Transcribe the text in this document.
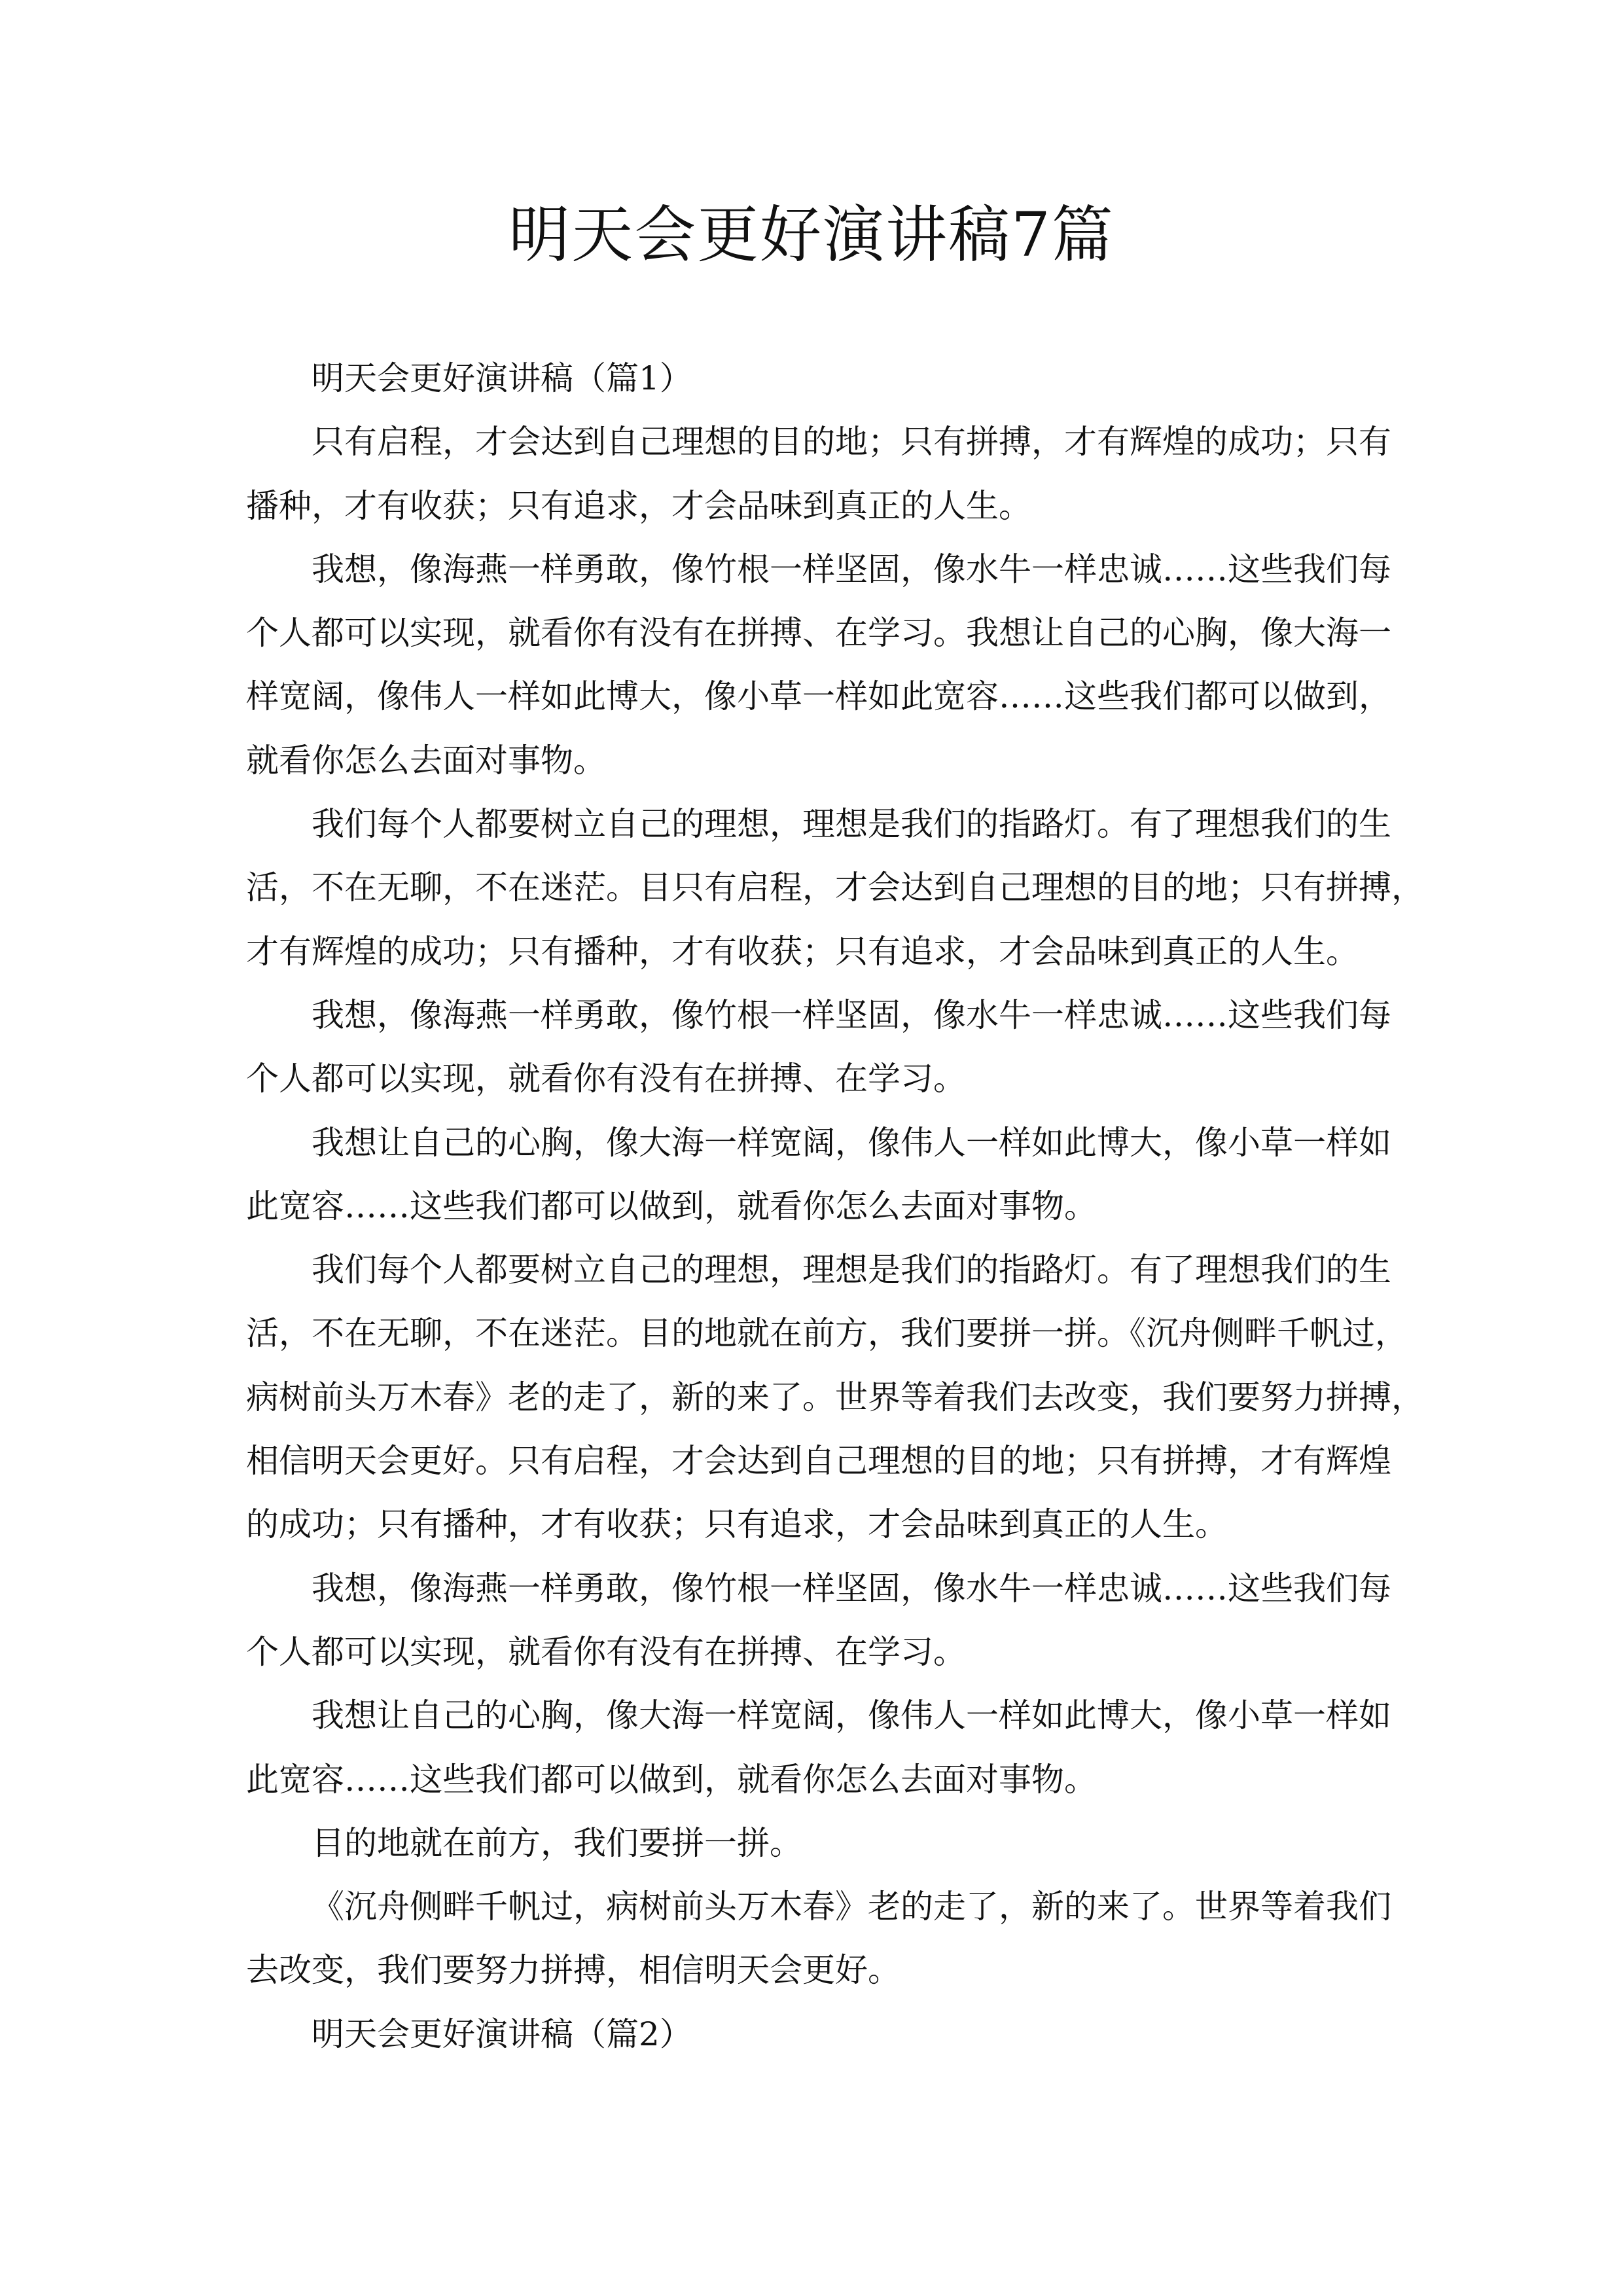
明天会更好演讲稿7篇
明天会更好演讲稿（篇1）
只有启程，才会达到自己理想的目的地；只有拼搏，才有辉煌的成功；只有
播种，才有收获；只有追求，才会品味到真正的人生。
我想，像海燕一样勇敢，像竹根一样坚固，像水牛一样忠诚……这些我们每
个人都可以实现，就看你有没有在拼搏、在学习。我想让自己的心胸，像大海一
样宽阔，像伟人一样如此博大，像小草一样如此宽容……这些我们都可以做到，
就看你怎么去面对事物。
我们每个人都要树立自己的理想，理想是我们的指路灯。有了理想我们的生
活，不在无聊，不在迷茫。目只有启程，才会达到自己理想的目的地；只有拼搏，
才有辉煌的成功；只有播种，才有收获；只有追求，才会品味到真正的人生。
我想，像海燕一样勇敢，像竹根一样坚固，像水牛一样忠诚……这些我们每
个人都可以实现，就看你有没有在拼搏、在学习。
我想让自己的心胸，像大海一样宽阔，像伟人一样如此博大，像小草一样如
此宽容……这些我们都可以做到，就看你怎么去面对事物。
我们每个人都要树立自己的理想，理想是我们的指路灯。有了理想我们的生
活，不在无聊，不在迷茫。目的地就在前方，我们要拼一拼。《沉舟侧畔千帆过，
病树前头万木春》老的走了，新的来了。世界等着我们去改变，我们要努力拼搏，
相信明天会更好。只有启程，才会达到自己理想的目的地；只有拼搏，才有辉煌
的成功；只有播种，才有收获；只有追求，才会品味到真正的人生。
我想，像海燕一样勇敢，像竹根一样坚固，像水牛一样忠诚……这些我们每
个人都可以实现，就看你有没有在拼搏、在学习。
我想让自己的心胸，像大海一样宽阔，像伟人一样如此博大，像小草一样如
此宽容……这些我们都可以做到，就看你怎么去面对事物。
目的地就在前方，我们要拼一拼。
《沉舟侧畔千帆过，病树前头万木春》老的走了，新的来了。世界等着我们
去改变，我们要努力拼搏，相信明天会更好。
明天会更好演讲稿（篇2）
